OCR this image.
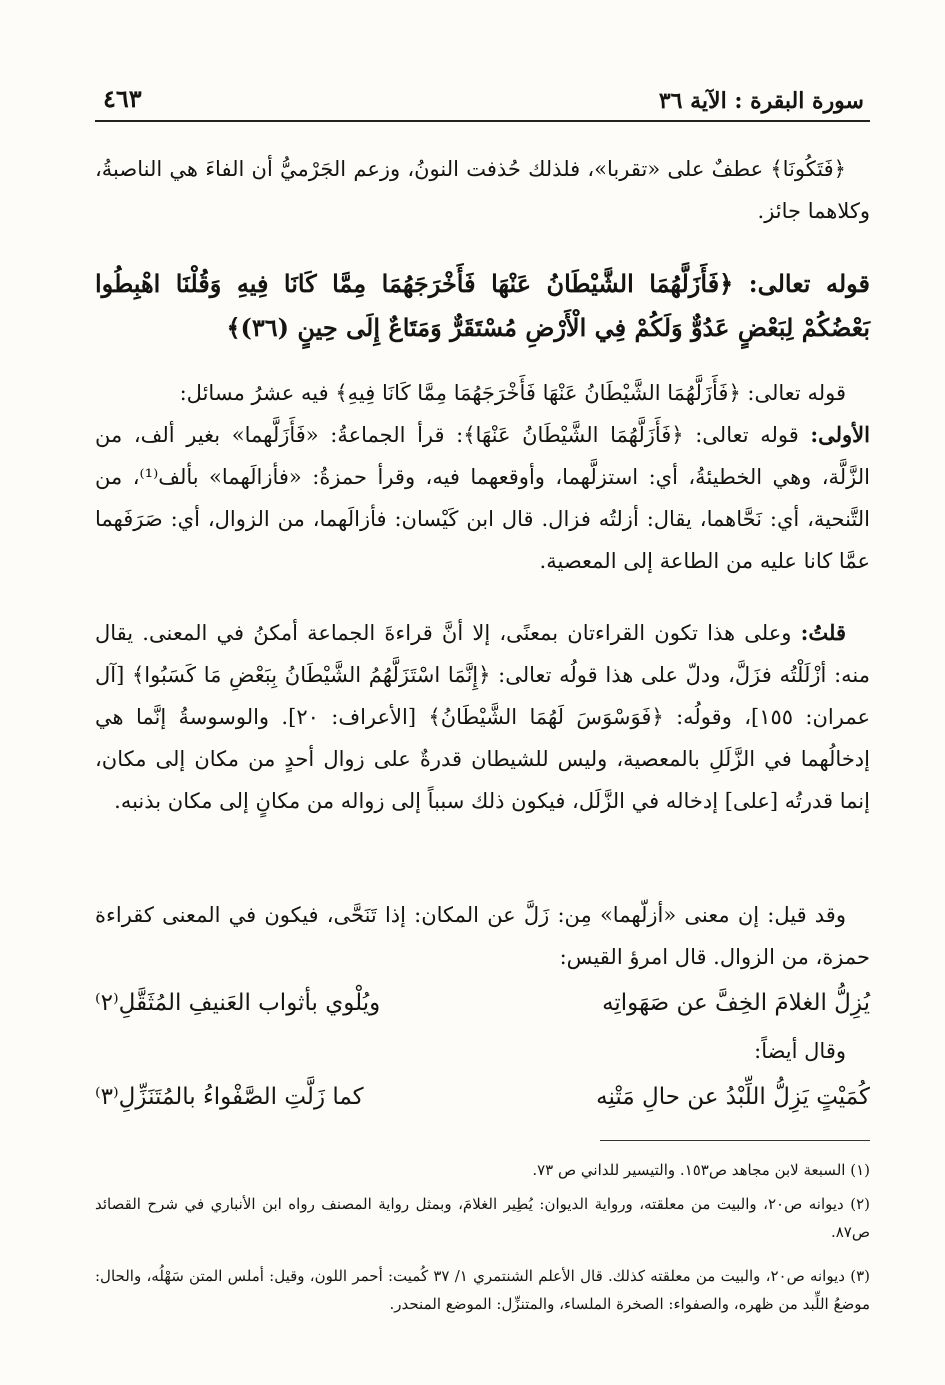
سورة البقرة : الآية ٣٦
٤٦٣

﴿فَتَكُونَا﴾ عطفٌ على «تقربا»، فلذلك حُذفت النونُ، وزعم الجَرْميُّ أن الفاءَ هي الناصبةُ، وكلاهما جائز.

قوله تعالى: ﴿فَأَزَلَّهُمَا الشَّيْطَانُ عَنْهَا فَأَخْرَجَهُمَا مِمَّا كَانَا فِيهِ وَقُلْنَا اهْبِطُوا بَعْضُكُمْ لِبَعْضٍ عَدُوٌّ وَلَكُمْ فِي الْأَرْضِ مُسْتَقَرٌّ وَمَتَاعٌ إِلَى حِينٍ (٣٦)﴾

قوله تعالى: ﴿فَأَزَلَّهُمَا الشَّيْطَانُ عَنْهَا فَأَخْرَجَهُمَا مِمَّا كَانَا فِيهِ﴾ فيه عشرُ مسائل:

الأولى: قوله تعالى: ﴿فَأَزَلَّهُمَا الشَّيْطَانُ عَنْهَا﴾: قرأ الجماعةُ: «فَأَزَلَّهما» بغير ألف، من الزَّلَّة، وهي الخطيئةُ، أي: استزلَّهما، وأوقعهما فيه، وقرأ حمزةُ: «فأزالَهما» بألف⁽¹⁾، من التَّنحية، أي: نَحَّاهما، يقال: أزلتُه فزال. قال ابن كَيْسان: فأزالَهما، من الزوال، أي: صَرَفَهما عمَّا كانا عليه من الطاعة إلى المعصية.

قلتُ: وعلى هذا تكون القراءتان بمعنًى، إلا أنَّ قراءةَ الجماعة أمكنُ في المعنى. يقال منه: أزْلَلْتُه فزَلَّ، ودلّ على هذا قولُه تعالى: ﴿إِنَّمَا اسْتَزَلَّهُمُ الشَّيْطَانُ بِبَعْضِ مَا كَسَبُوا﴾ [آل عمران: ١٥٥]، وقولُه: ﴿فَوَسْوَسَ لَهُمَا الشَّيْطَانُ﴾ [الأعراف: ٢٠]. والوسوسةُ إنَّما هي إدخالُهما في الزَّلَلِ بالمعصية، وليس للشيطان قدرةٌ على زوال أحدٍ من مكان إلى مكان، إنما قدرتُه [على] إدخاله في الزَّلَل، فيكون ذلك سبباً إلى زواله من مكانٍ إلى مكان بذنبه.

وقد قيل: إن معنى «أزلّهما» مِن: زَلَّ عن المكان: إذا تَنَحَّى، فيكون في المعنى كقراءة حمزة، من الزوال. قال امرؤ القيس:

يُزِلُّ الغلامَ الخِفَّ عن صَهَواتِه
ويُلْوي بأثواب العَنيفِ المُثَقَّلِ⁽٢⁾

وقال أيضاً:

كُمَيْتٍ يَزِلُّ اللِّبْدُ عن حالِ مَتْنِه
كما زَلَّتِ الصَّفْواءُ بالمُتَنَزِّلِ⁽٣⁾

(١) السبعة لابن مجاهد ص١٥٣. والتيسير للداني ص ٧٣.

(٢) ديوانه ص٢٠، والبيت من معلقته، ورواية الديوان: يُطِير الغلامَ، وبمثل رواية المصنف رواه ابن الأنباري في شرح القصائد ص٨٧.

(٣) ديوانه ص٢٠، والبيت من معلقته كذلك. قال الأعلم الشنتمري ١/ ٣٧ كُميت: أحمر اللون، وقيل: أملس المتن سَهْلُه، والحال: موضعُ اللِّبد من ظهره، والصفواء: الصخرة الملساء، والمتنزِّل: الموضع المنحدر.
